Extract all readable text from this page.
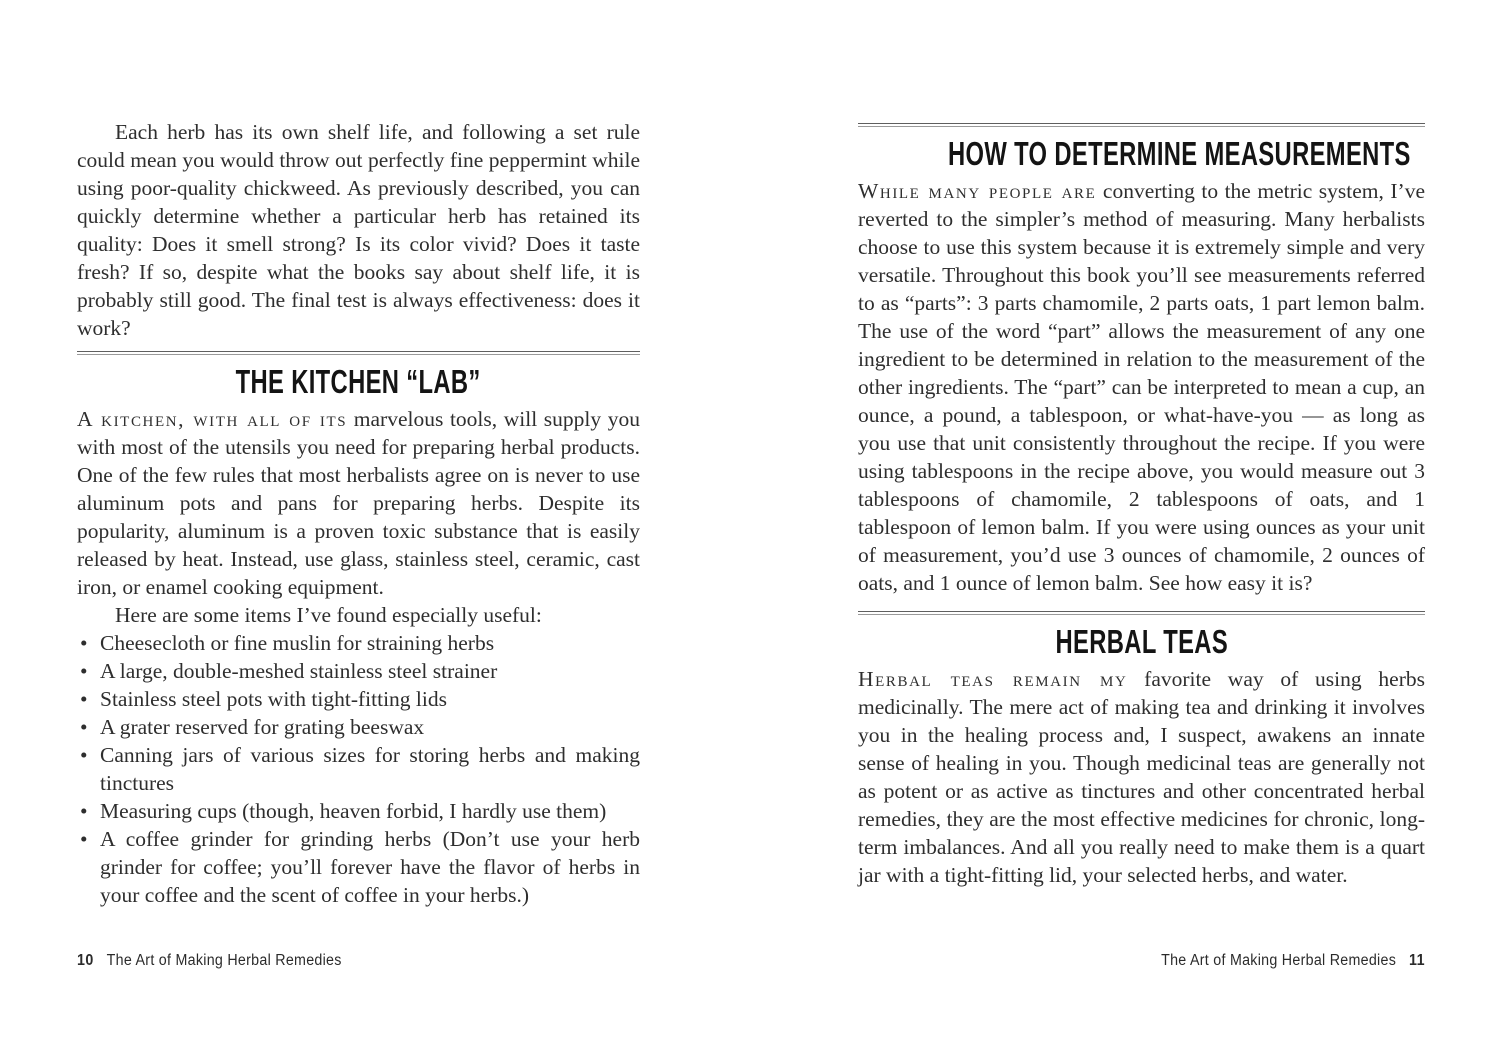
Each herb has its own shelf life, and following a set rule could mean you would throw out perfectly fine peppermint while using poor-quality chickweed. As previously described, you can quickly determine whether a particular herb has retained its quality: Does it smell strong? Is its color vivid? Does it taste fresh? If so, despite what the books say about shelf life, it is probably still good. The final test is always effectiveness: does it work?

THE KITCHEN “LAB”

A kitchen, with all of its marvelous tools, will supply you with most of the utensils you need for preparing herbal products. One of the few rules that most herbalists agree on is never to use aluminum pots and pans for preparing herbs. Despite its popularity, aluminum is a proven toxic substance that is easily released by heat. Instead, use glass, stainless steel, ceramic, cast iron, or enamel cooking equipment.

Here are some items I’ve found especially useful:

• Cheesecloth or fine muslin for straining herbs
• A large, double-meshed stainless steel strainer
• Stainless steel pots with tight-fitting lids
• A grater reserved for grating beeswax
• Canning jars of various sizes for storing herbs and making tinctures
• Measuring cups (though, heaven forbid, I hardly use them)
• A coffee grinder for grinding herbs (Don’t use your herb grinder for coffee; you’ll forever have the flavor of herbs in your coffee and the scent of coffee in your herbs.)
10 The Art of Making Herbal Remedies
HOW TO DETERMINE MEASUREMENTS

While many people are converting to the metric system, I’ve reverted to the simpler’s method of measuring. Many herbalists choose to use this system because it is extremely simple and very versatile. Throughout this book you’ll see measurements referred to as “parts”: 3 parts chamomile, 2 parts oats, 1 part lemon balm. The use of the word “part” allows the measurement of any one ingredient to be determined in relation to the measurement of the other ingredients. The “part” can be interpreted to mean a cup, an ounce, a pound, a tablespoon, or what-have-you — as long as you use that unit consistently throughout the recipe. If you were using tablespoons in the recipe above, you would measure out 3 tablespoons of chamomile, 2 tablespoons of oats, and 1 tablespoon of lemon balm. If you were using ounces as your unit of measurement, you’d use 3 ounces of chamomile, 2 ounces of oats, and 1 ounce of lemon balm. See how easy it is?

HERBAL TEAS

Herbal teas remain my favorite way of using herbs medicinally. The mere act of making tea and drinking it involves you in the healing process and, I suspect, awakens an innate sense of healing in you. Though medicinal teas are generally not as potent or as active as tinctures and other concentrated herbal remedies, they are the most effective medicines for chronic, long-term imbalances. And all you really need to make them is a quart jar with a tight-fitting lid, your selected herbs, and water.

The Art of Making Herbal Remedies 11
